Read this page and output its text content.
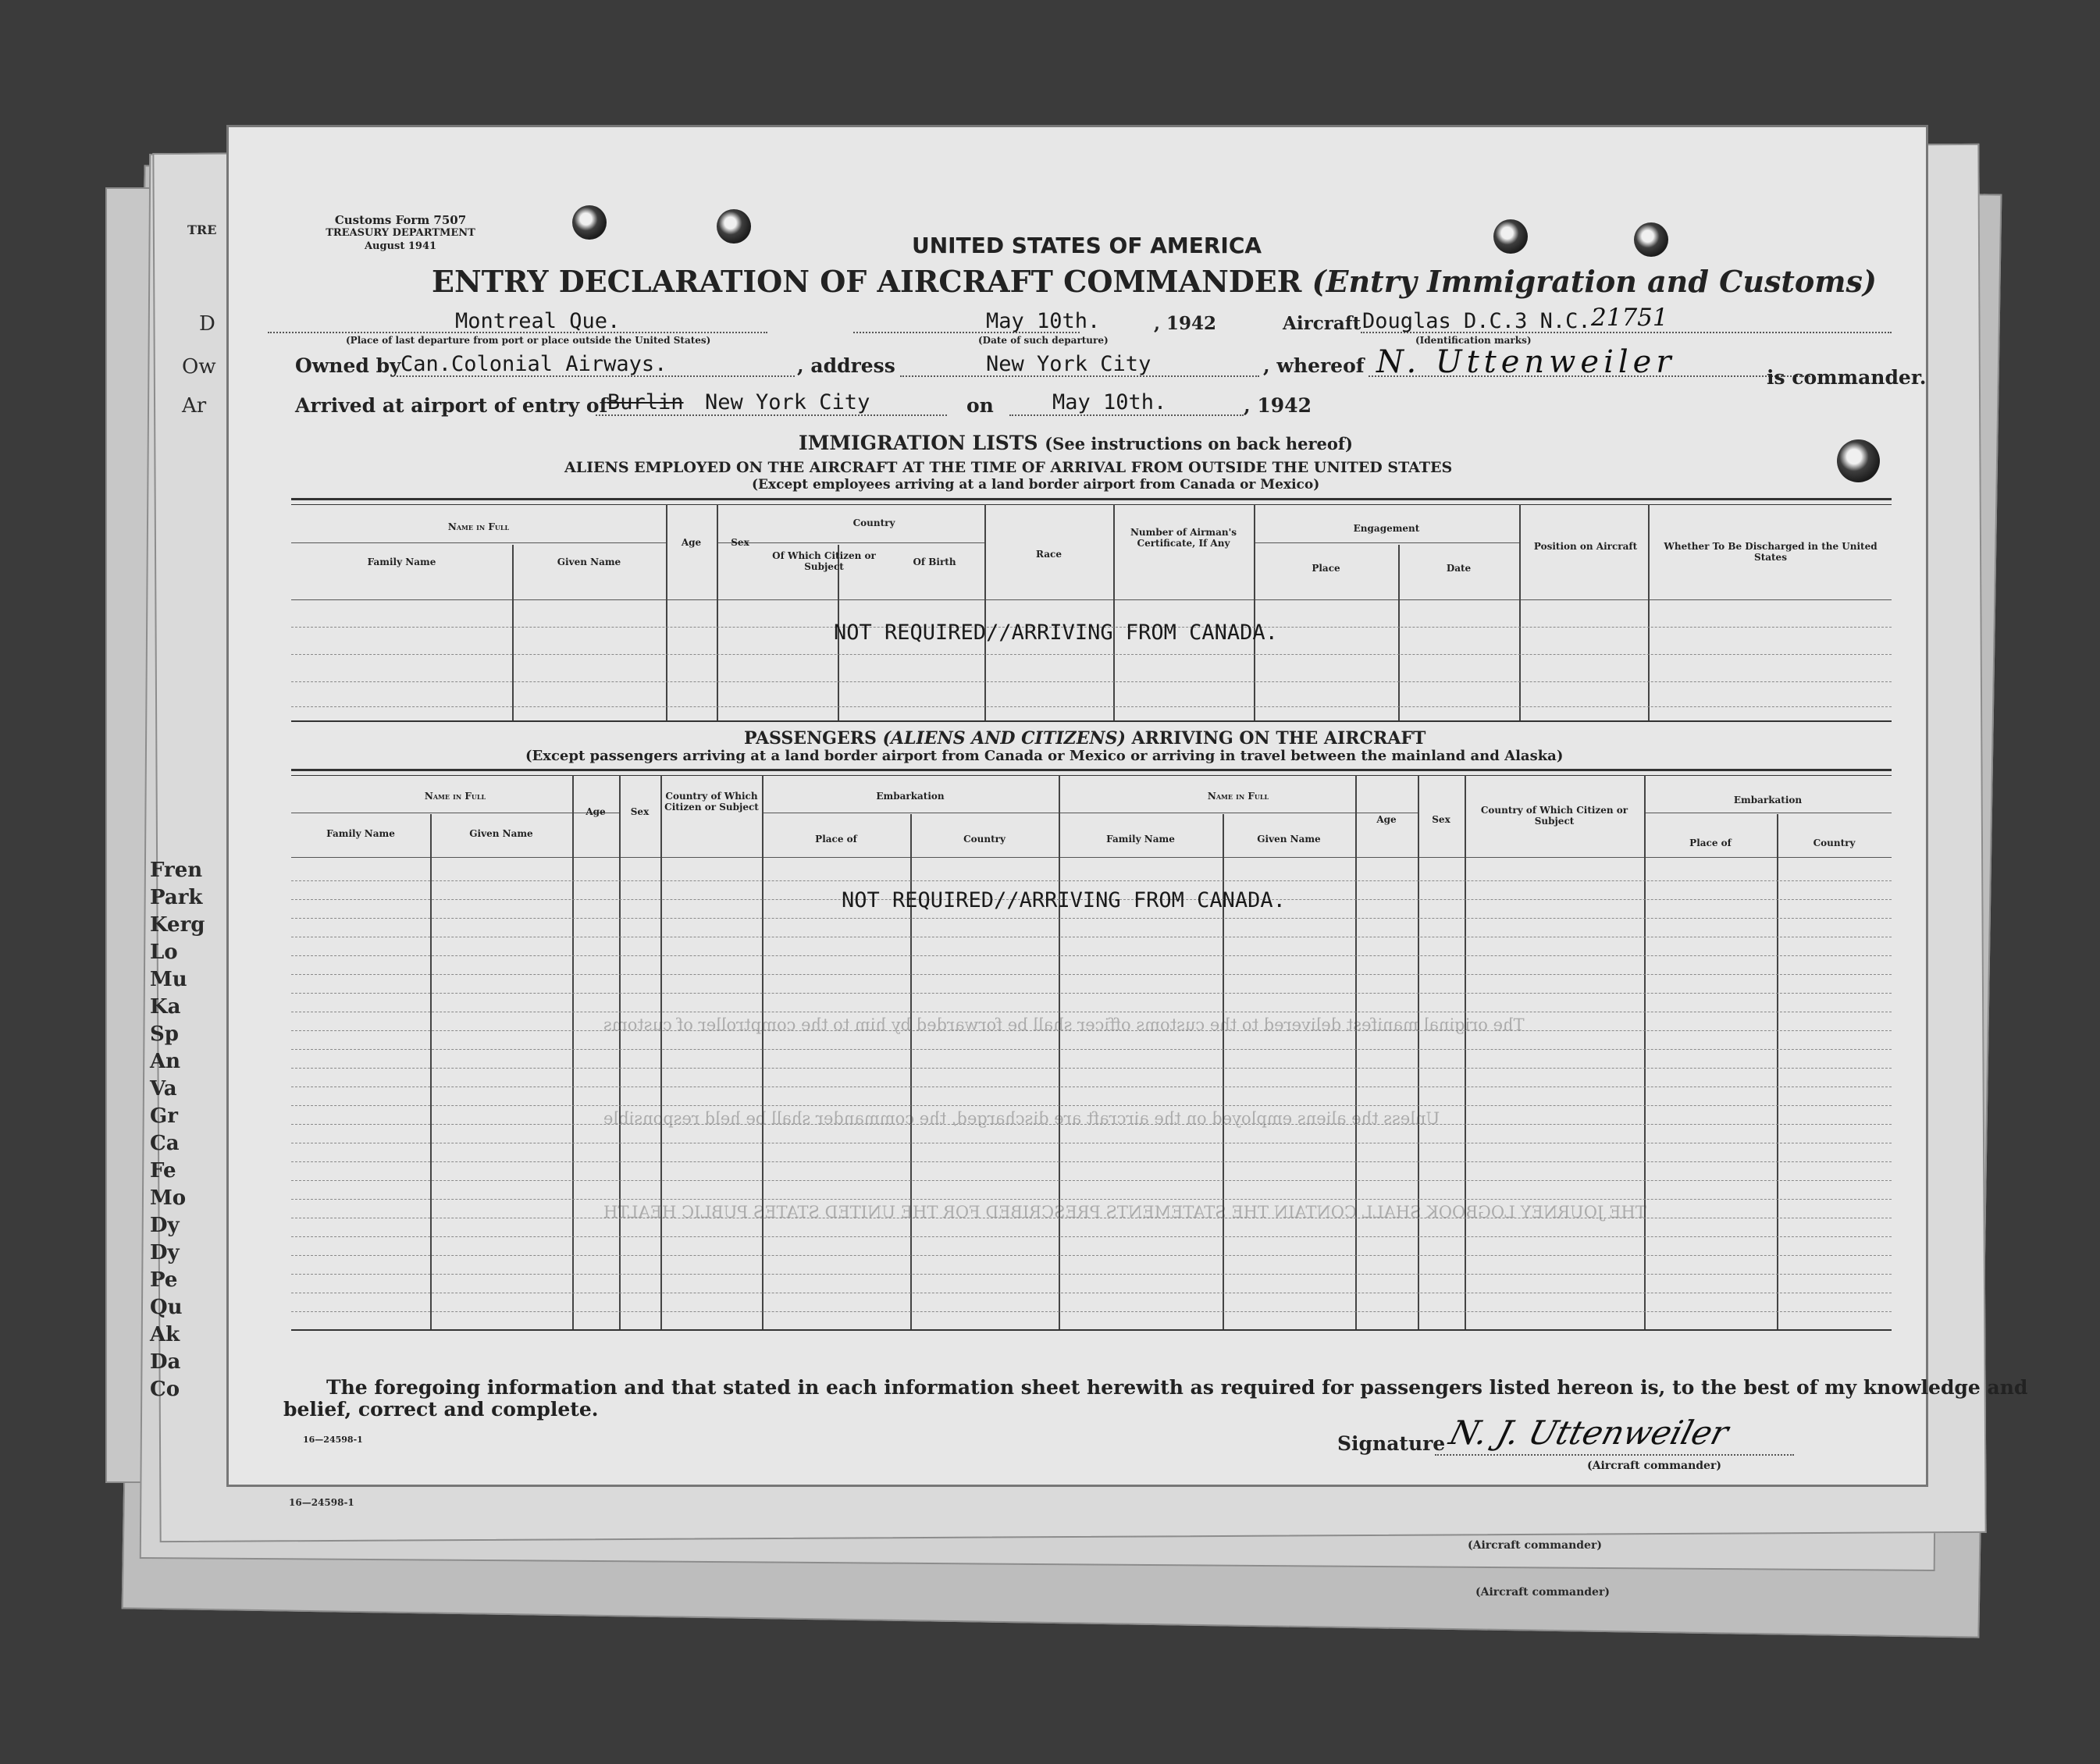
TRE
D
Ow
Ar
Fren
Park
Kerg
Lo
Mu
Ka
Sp
An
Va
Gr
Ca
Fe
Mo
Dy
Dy
Pe
Qu
Ak
Da
Co
(Aircraft commander)
(Aircraft commander)
16—24598-1
Customs Form 7507
TREASURY DEPARTMENT
August 1941	UNITED STATES OF AMERICA
ENTRY DECLARATION OF AIRCRAFT COMMANDER (Entry Immigration and Customs)
Montreal Que.
(Place of last departure from port or place outside the United States)
May 10th.	, 1942
(Date of such departure)
Aircraft Douglas D.C.3 N.C. 21751
(Identification marks)
Owned by Can.Colonial Airways.	, address	New York City	, whereof N. Uttenweiler	is commander.
Arrived at airport of entry of Burlin New York City	on	May 10th.	, 1942
IMMIGRATION LISTS (See instructions on back hereof)
ALIENS EMPLOYED ON THE AIRCRAFT AT THE TIME OF ARRIVAL FROM OUTSIDE THE UNITED STATES
(Except employees arriving at a land border airport from Canada or Mexico)
Name in Full
Family Name	Given Name
Age	Sex
Country
Of Which Citizen or Subject	Of Birth
Race
Number of Airman's Certificate, If Any
Engagement
Place	Date
Position on Aircraft	Whether To Be Discharged in the United States
NOT REQUIRED//ARRIVING FROM CANADA.
PASSENGERS (ALIENS AND CITIZENS) ARRIVING ON THE AIRCRAFT
(Except passengers arriving at a land border airport from Canada or Mexico or arriving in travel between the mainland and Alaska)
Name in Full
Family Name	Given Name
Age	Sex
Country of Which Citizen or Subject
Embarkation
Place of	Country
Name in Full
Family Name	Given Name
Age	Sex
Country of Which Citizen or Subject
Embarkation
Place of	Country
NOT REQUIRED//ARRIVING FROM CANADA.
The original manifest delivered to the customs officer shall be forwarded by him to the comptroller of customs
Unless the aliens employed on the aircraft are discharged, the commander shall be held responsible
THE JOURNEY LOGBOOK SHALL CONTAIN THE STATEMENTS PRESCRIBED FOR THE UNITED STATES PUBLIC HEALTH
The foregoing information and that stated in each information sheet herewith as required for passengers listed hereon is, to the best of my knowledge and
belief, correct and complete.
16—24598-1	Signature N. J. Uttenweiler
(Aircraft commander)
